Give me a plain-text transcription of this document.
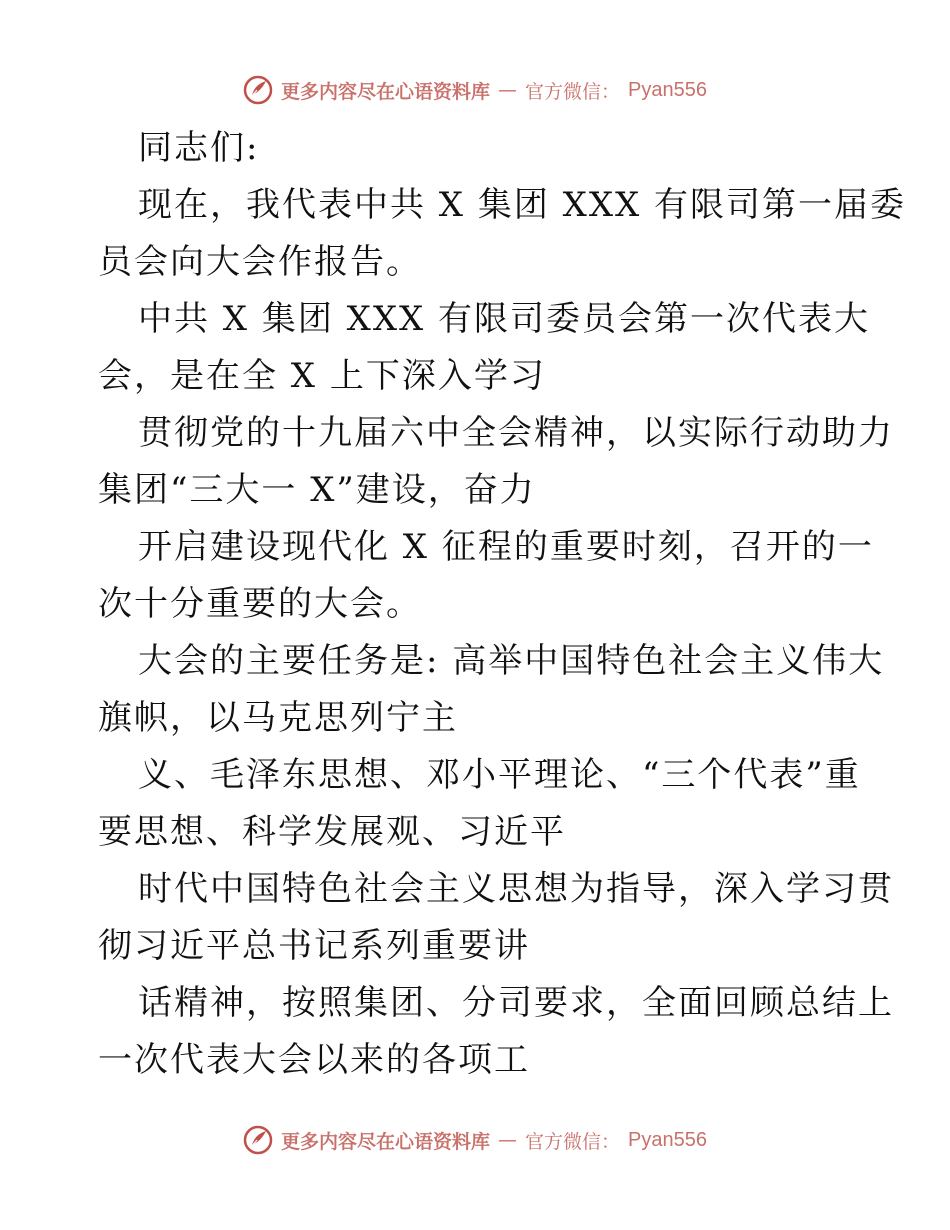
更多内容尽在心语资料库 — 官方微信： Pyan556
同志们:
现在，我代表中共 X 集团 XXX 有限司第一届委
员会向大会作报告。
中共 X 集团 XXX 有限司委员会第一次代表大
会，是在全 X 上下深入学习
贯彻党的十九届六中全会精神，以实际行动助力
集团“三大一 X”建设，奋力
开启建设现代化 X 征程的重要时刻，召开的一
次十分重要的大会。
大会的主要任务是: 高举中国特色社会主义伟大
旗帜，以马克思列宁主
义、毛泽东思想、邓小平理论、“三个代表”重
要思想、科学发展观、习近平
时代中国特色社会主义思想为指导，深入学习贯
彻习近平总书记系列重要讲
话精神，按照集团、分司要求，全面回顾总结上
一次代表大会以来的各项工
更多内容尽在心语资料库 — 官方微信： Pyan556
